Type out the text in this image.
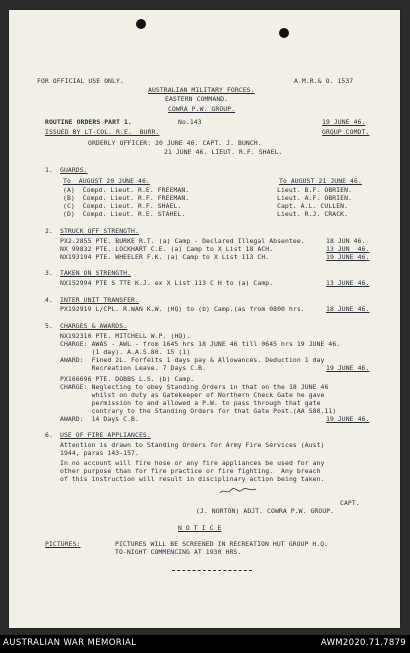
FOR OFFICIAL USE ONLY.	A.M.R.& O. 1537
AUSTRALIAN MILITARY FORCES.
EASTERN COMMAND.
COWRA P.W. GROUP.
ROUTINE ORDERS PART 1.	No.143	19 JUNE 46.
ISSUED BY LT-COL. R.E.  BURR.	GROUP COMDT.
ORDERLY OFFICER: 20 JUNE 46. CAPT. J. BUNCH.
21 JUNE 46. LIEUT. R.F. SHAEL.
1. GUARDS.
To  AUGUST 20 JUNE 46.	To AUGUST 21 JUNE 46.
(A)  Compd. Lieut. R.E. FREEMAN.	Lieut. B.F. OBRIEN.
(B)  Compd. Lieut. R.F. FREEMAN.	Lieut. A.F. OBRIEN.
(C)  Compd. Lieut. R.F. SHAEL.	Capt. A.L. CULLEN.
(D)  Compd. Lieut. R.E. STAHEL.	Lieut. R.J. CRACK.
2. STRUCK OFF STRENGTH.
PX2.2855 PTE. BURKE R.T. (a) Camp - Declared Illegal Absentee.	18 JUN 46.
NX 99832 PTE. LOCKHART C.E. (a) Camp to X List 18 ACH.	13 JUN  46.
NX193194 PTE. WHEELER F.K. (a) Camp to X List 113 CH.	19 JUNE 46.
3. TAKEN ON STRENGTH.
NX152994 PTE S TTE K.J. ex X List 113 C H to (a) Camp.	13 JUNE 46.
4. INTER UNIT TRANSFER.
PX192919 L/CPL. R.WAN K.W. (HQ) to (b) Camp.(as from 0800 hrs.	18 JUNE 46.
5. CHARGES & AWARDS.
NX192310 PTE. MITCHELL W.P. (HQ).
CHARGE: AWAS - AWL - from 1645 hrs 18 JUNE 46 till 0645 hrs 19 JUNE 46.
(1 day). A.A.S.80. 15 (1)
AWARD:  Fined 2L. Forfeits 1 days pay & Allowances. Deduction 1 day
Recreation Leave. 7 Days C.B.	19 JUNE 46.
PX166696 PTE. DOBBS L.S. (b) Camp.
CHARGE: Neglecting to obey Standing Orders in that on the 18 JUNE 46
whilst on duty as Gatekeeper of Northern Check Gate he gave
permission to and allowed a P.W. to pass through that gate
contrary to the Standing Orders for that Gate Post.(AA S80.11)
AWARD:  14 Days C.B.	19 JUNE 46.
6. USE OF FIRE APPLIANCES.
Attention is drawn to Standing Orders for Army Fire Services (Aust)
1944, paras 143-157.
In no account will fire hose or any fire appliances be used for any
other purpose than for fire practice or fire fighting.  Any breach
of this instruction will result in disciplinary action being taken.
CAPT.
(J. NORTON) ADJT. COWRA P.W. GROUP.
N O T I C E
PICTURES:	PICTURES WILL BE SCREENED IN RECREATION HUT GROUP H.Q.
TO-NIGHT COMMENCING AT 1930 HRS.
AUSTRALIAN WAR MEMORIAL	AWM2020.71.7879
